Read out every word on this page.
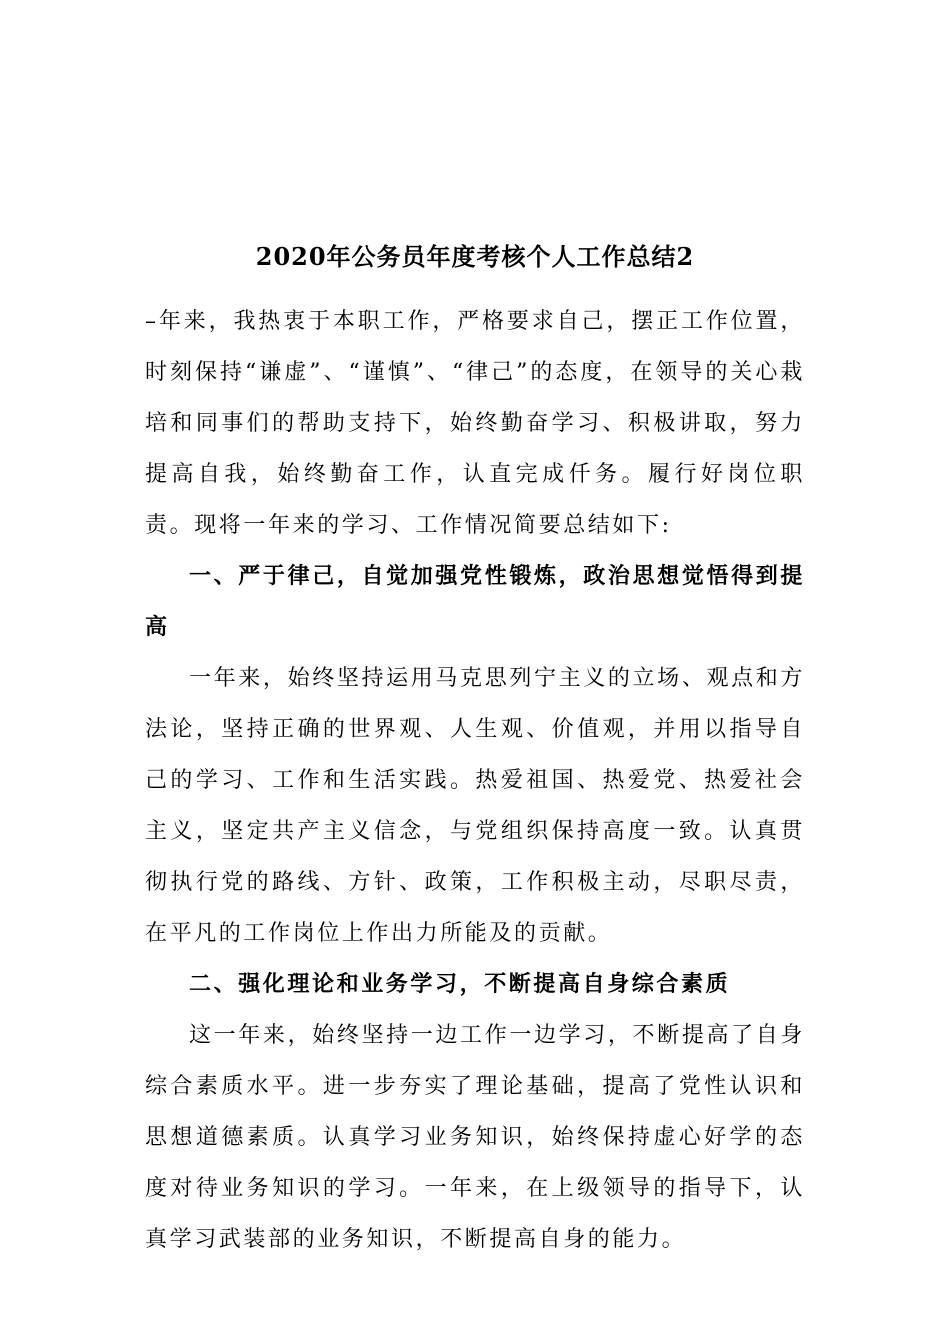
2020年公务员年度考核个人工作总结2

–年来，我热衷于本职工作，严格要求自己，摆正工作位置，时刻保持“谦虚”、“谨慎”、“律己”的态度，在领导的关心栽培和同事们的帮助支持下，始终勤奋学习、积极讲取，努力提高自我，始终勤奋工作，认直完成仟务。履行好岗位职责。现将一年来的学习、工作情况简要总结如下:

一、严于律己，自觉加强党性锻炼，政治思想觉悟得到提高

一年来，始终坚持运用马克思列宁主义的立场、观点和方法论，坚持正确的世界观、人生观、价值观，并用以指导自己的学习、工作和生活实践。热爱祖国、热爱党、热爱社会主义，坚定共产主义信念，与党组织保持高度一致。认真贯彻执行党的路线、方针、政策，工作积极主动，尽职尽责，在平凡的工作岗位上作出力所能及的贡献。

二、强化理论和业务学习，不断提高自身综合素质

这一年来，始终坚持一边工作一边学习，不断提高了自身综合素质水平。进一步夯实了理论基础，提高了党性认识和思想道德素质。认真学习业务知识，始终保持虚心好学的态度对待业务知识的学习。一年来，在上级领导的指导下，认真学习武装部的业务知识，不断提高自身的能力。
